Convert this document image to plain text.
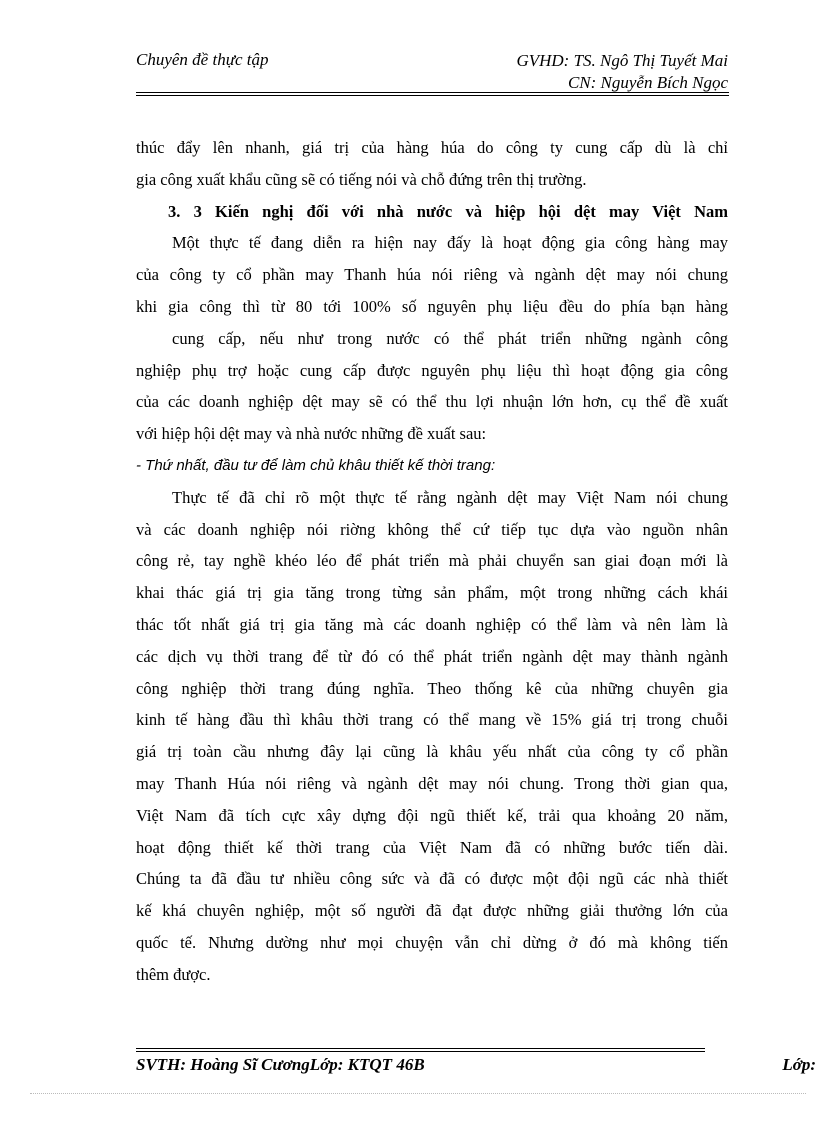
Chuyên đề thực tập	GVHD: TS. Ngô Thị Tuyết Mai
CN: Nguyễn Bích Ngọc
thúc đẩy lên nhanh, giá trị của hàng húa do công ty cung cấp dù là chỉ
gia công xuất khẩu cũng sẽ có tiếng nói và chỗ đứng trên thị trường.
3. 3 Kiến nghị đối với nhà nước và hiệp hội dệt may Việt Nam
Một thực tế đang diễn ra hiện nay đấy là hoạt động gia công hàng may
của công ty cổ phần may Thanh húa nói riêng và ngành dệt may nói chung
khi gia công thì từ 80 tới 100% số nguyên phụ liệu đều do phía bạn hàng
cung cấp, nếu như trong nước có thể phát triển những ngành công
nghiệp phụ trợ hoặc cung cấp được nguyên phụ liệu thì hoạt động gia công
của các doanh nghiệp dệt may sẽ có thể thu lợi nhuận lớn hơn, cụ thể đề xuất
với hiệp hội dệt may và nhà nước những đề xuất sau:
- Thứ nhất, đầu tư để làm chủ khâu thiết kế thời trang:
Thực tế đã chỉ rõ một thực tế rằng ngành dệt may Việt Nam nói chung
và các doanh nghiệp nói riờng không thể cứ tiếp tục dựa vào nguồn nhân
công rẻ, tay nghề khéo léo để phát triển mà phải chuyển san giai đoạn mới là
khai thác giá trị gia tăng trong từng sản phẩm, một trong những cách khái
thác tốt nhất giá trị gia tăng mà các doanh nghiệp có thể làm và nên làm là
các dịch vụ thời trang để từ đó có thể phát triển ngành dệt may thành ngành
công nghiệp thời trang đúng nghĩa. Theo thống kê của những chuyên gia
kinh tế hàng đầu thì khâu thời trang có thể mang về 15% giá trị trong chuỗi
giá trị toàn cầu nhưng đây lại cũng là khâu yếu nhất của công ty cổ phần
may Thanh Húa nói riêng và ngành dệt may nói chung. Trong thời gian qua,
Việt Nam đã tích cực xây dựng đội ngũ thiết kế, trải qua khoảng 20 năm,
hoạt động thiết kế thời trang của Việt Nam đã có những bước tiến dài.
Chúng ta đã đầu tư nhiều công sức và đã có được một đội ngũ các nhà thiết
kế khá chuyên nghiệp, một số người đã đạt được những giải thưởng lớn của
quốc tế. Nhưng dường như mọi chuyện vẫn chỉ dừng ở đó mà không tiến
thêm được.
SVTH: Hoàng Sĩ CươngLớp: KTQT 46B	Lớp:
